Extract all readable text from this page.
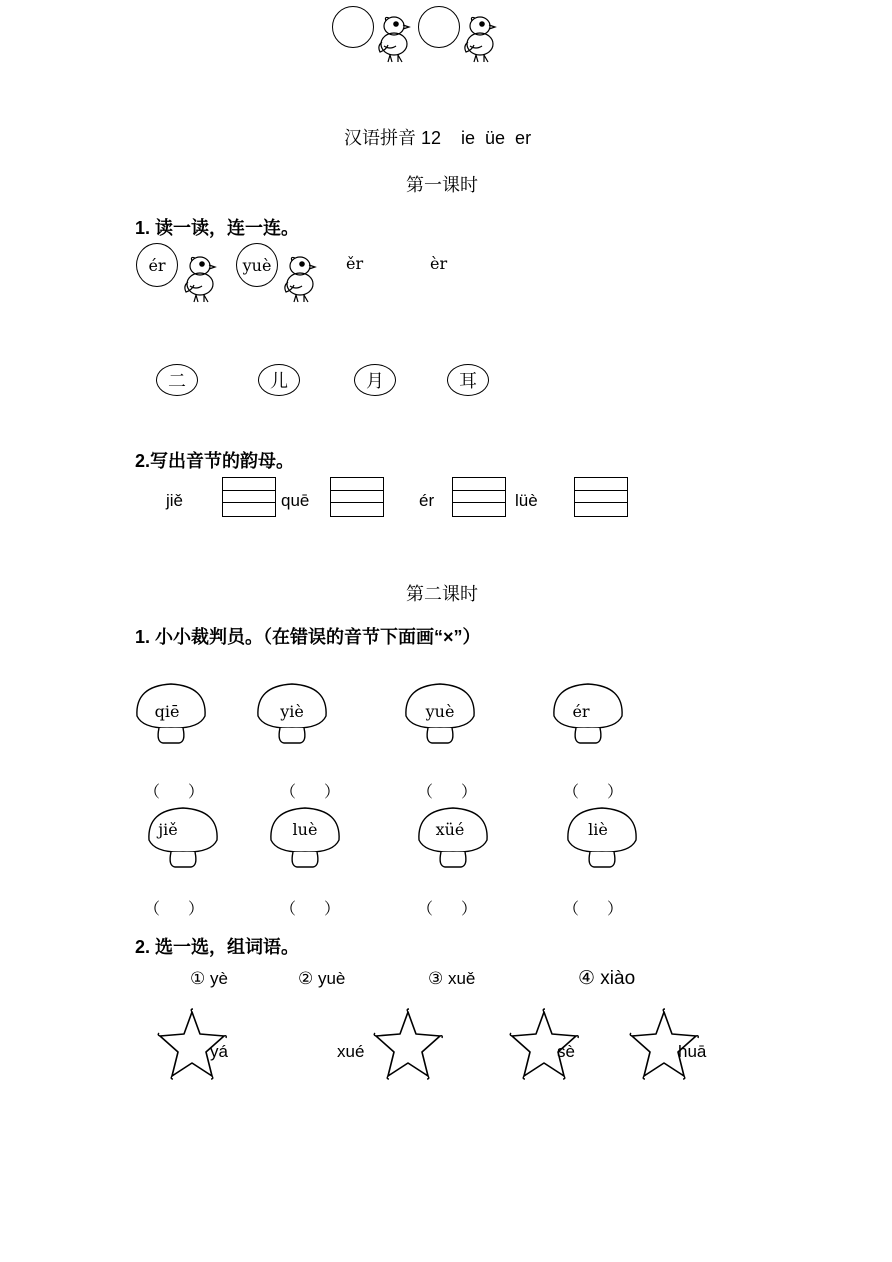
汉语拼音 12    ie  üe  er
第一课时
1. 读一读，连一连。
ér	yuè	ěr	èr
二	儿	月	耳
2.写出音节的韵母。
jiě	quē	ér	lüè
第二课时
1. 小小裁判员。（在错误的音节下面画“×”）
qiē	yiè	yuè	ér
（ ）	（ ）	（ ）	（ ）
jiě	luè	xüé	liè
（ ）	（ ）	（ ）	（ ）
2. 选一选，组词语。
① yè	② yuè	③ xuě	④ xiào
yá	xué	sè	huā
